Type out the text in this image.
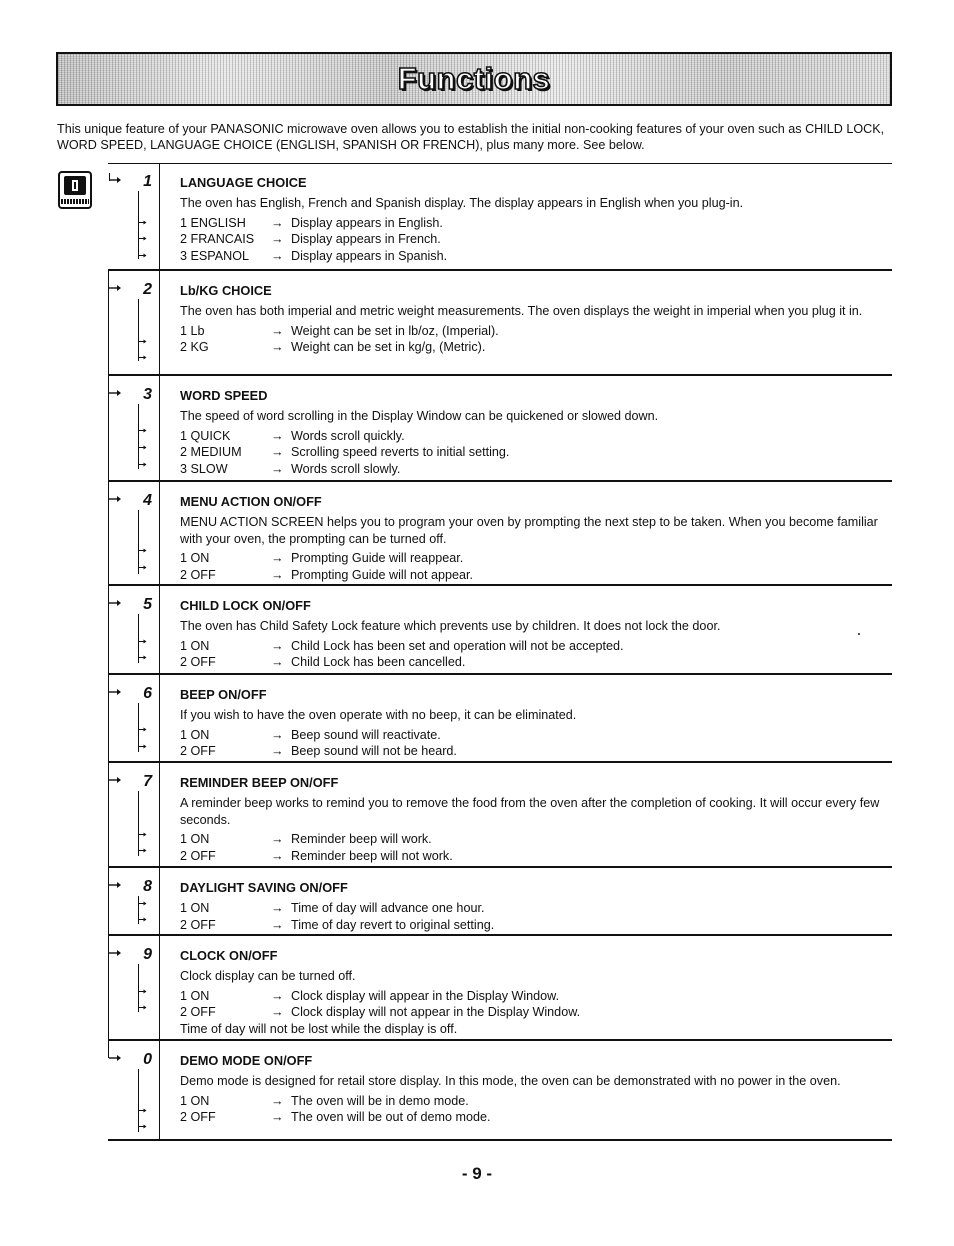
Functions
This unique feature of your PANASONIC microwave oven allows you to establish the initial non-cooking features of your oven such as CHILD LOCK, WORD SPEED, LANGUAGE CHOICE (ENGLISH, SPANISH OR FRENCH), plus many more. See below.
1 LANGUAGE CHOICE
The oven has English, French and Spanish display. The display appears in English when you plug-in.
1 ENGLISH	→ Display appears in English.
2 FRANCAIS	→ Display appears in French.
3 ESPANOL	→ Display appears in Spanish.
2 Lb/KG CHOICE
The oven has both imperial and metric weight measurements. The oven displays the weight in imperial when you plug it in.
1 Lb	→ Weight can be set in lb/oz, (Imperial).
2 KG	→ Weight can be set in kg/g, (Metric).
3 WORD SPEED
The speed of word scrolling in the Display Window can be quickened or slowed down.
1 QUICK	→ Words scroll quickly.
2 MEDIUM	→ Scrolling speed reverts to initial setting.
3 SLOW	→ Words scroll slowly.
4 MENU ACTION ON/OFF
MENU ACTION SCREEN helps you to program your oven by prompting the next step to be taken. When you become familiar with your oven, the prompting can be turned off.
1 ON	→ Prompting Guide will reappear.
2 OFF	→ Prompting Guide will not appear.
5 CHILD LOCK ON/OFF
The oven has Child Safety Lock feature which prevents use by children. It does not lock the door.
1 ON	→ Child Lock has been set and operation will not be accepted.
2 OFF	→ Child Lock has been cancelled.
6 BEEP ON/OFF
If you wish to have the oven operate with no beep, it can be eliminated.
1 ON	→ Beep sound will reactivate.
2 OFF	→ Beep sound will not be heard.
7 REMINDER BEEP ON/OFF
A reminder beep works to remind you to remove the food from the oven after the completion of cooking. It will occur every few seconds.
1 ON	→ Reminder beep will work.
2 OFF	→ Reminder beep will not work.
8 DAYLIGHT SAVING ON/OFF
1 ON	→ Time of day will advance one hour.
2 OFF	→ Time of day revert to original setting.
9 CLOCK ON/OFF
Clock display can be turned off.
1 ON	→ Clock display will appear in the Display Window.
2 OFF	→ Clock display will not appear in the Display Window.
Time of day will not be lost while the display is off.
0 DEMO MODE ON/OFF
Demo mode is designed for retail store display. In this mode, the oven can be demonstrated with no power in the oven.
1 ON	→ The oven will be in demo mode.
2 OFF	→ The oven will be out of demo mode.
- 9 -
